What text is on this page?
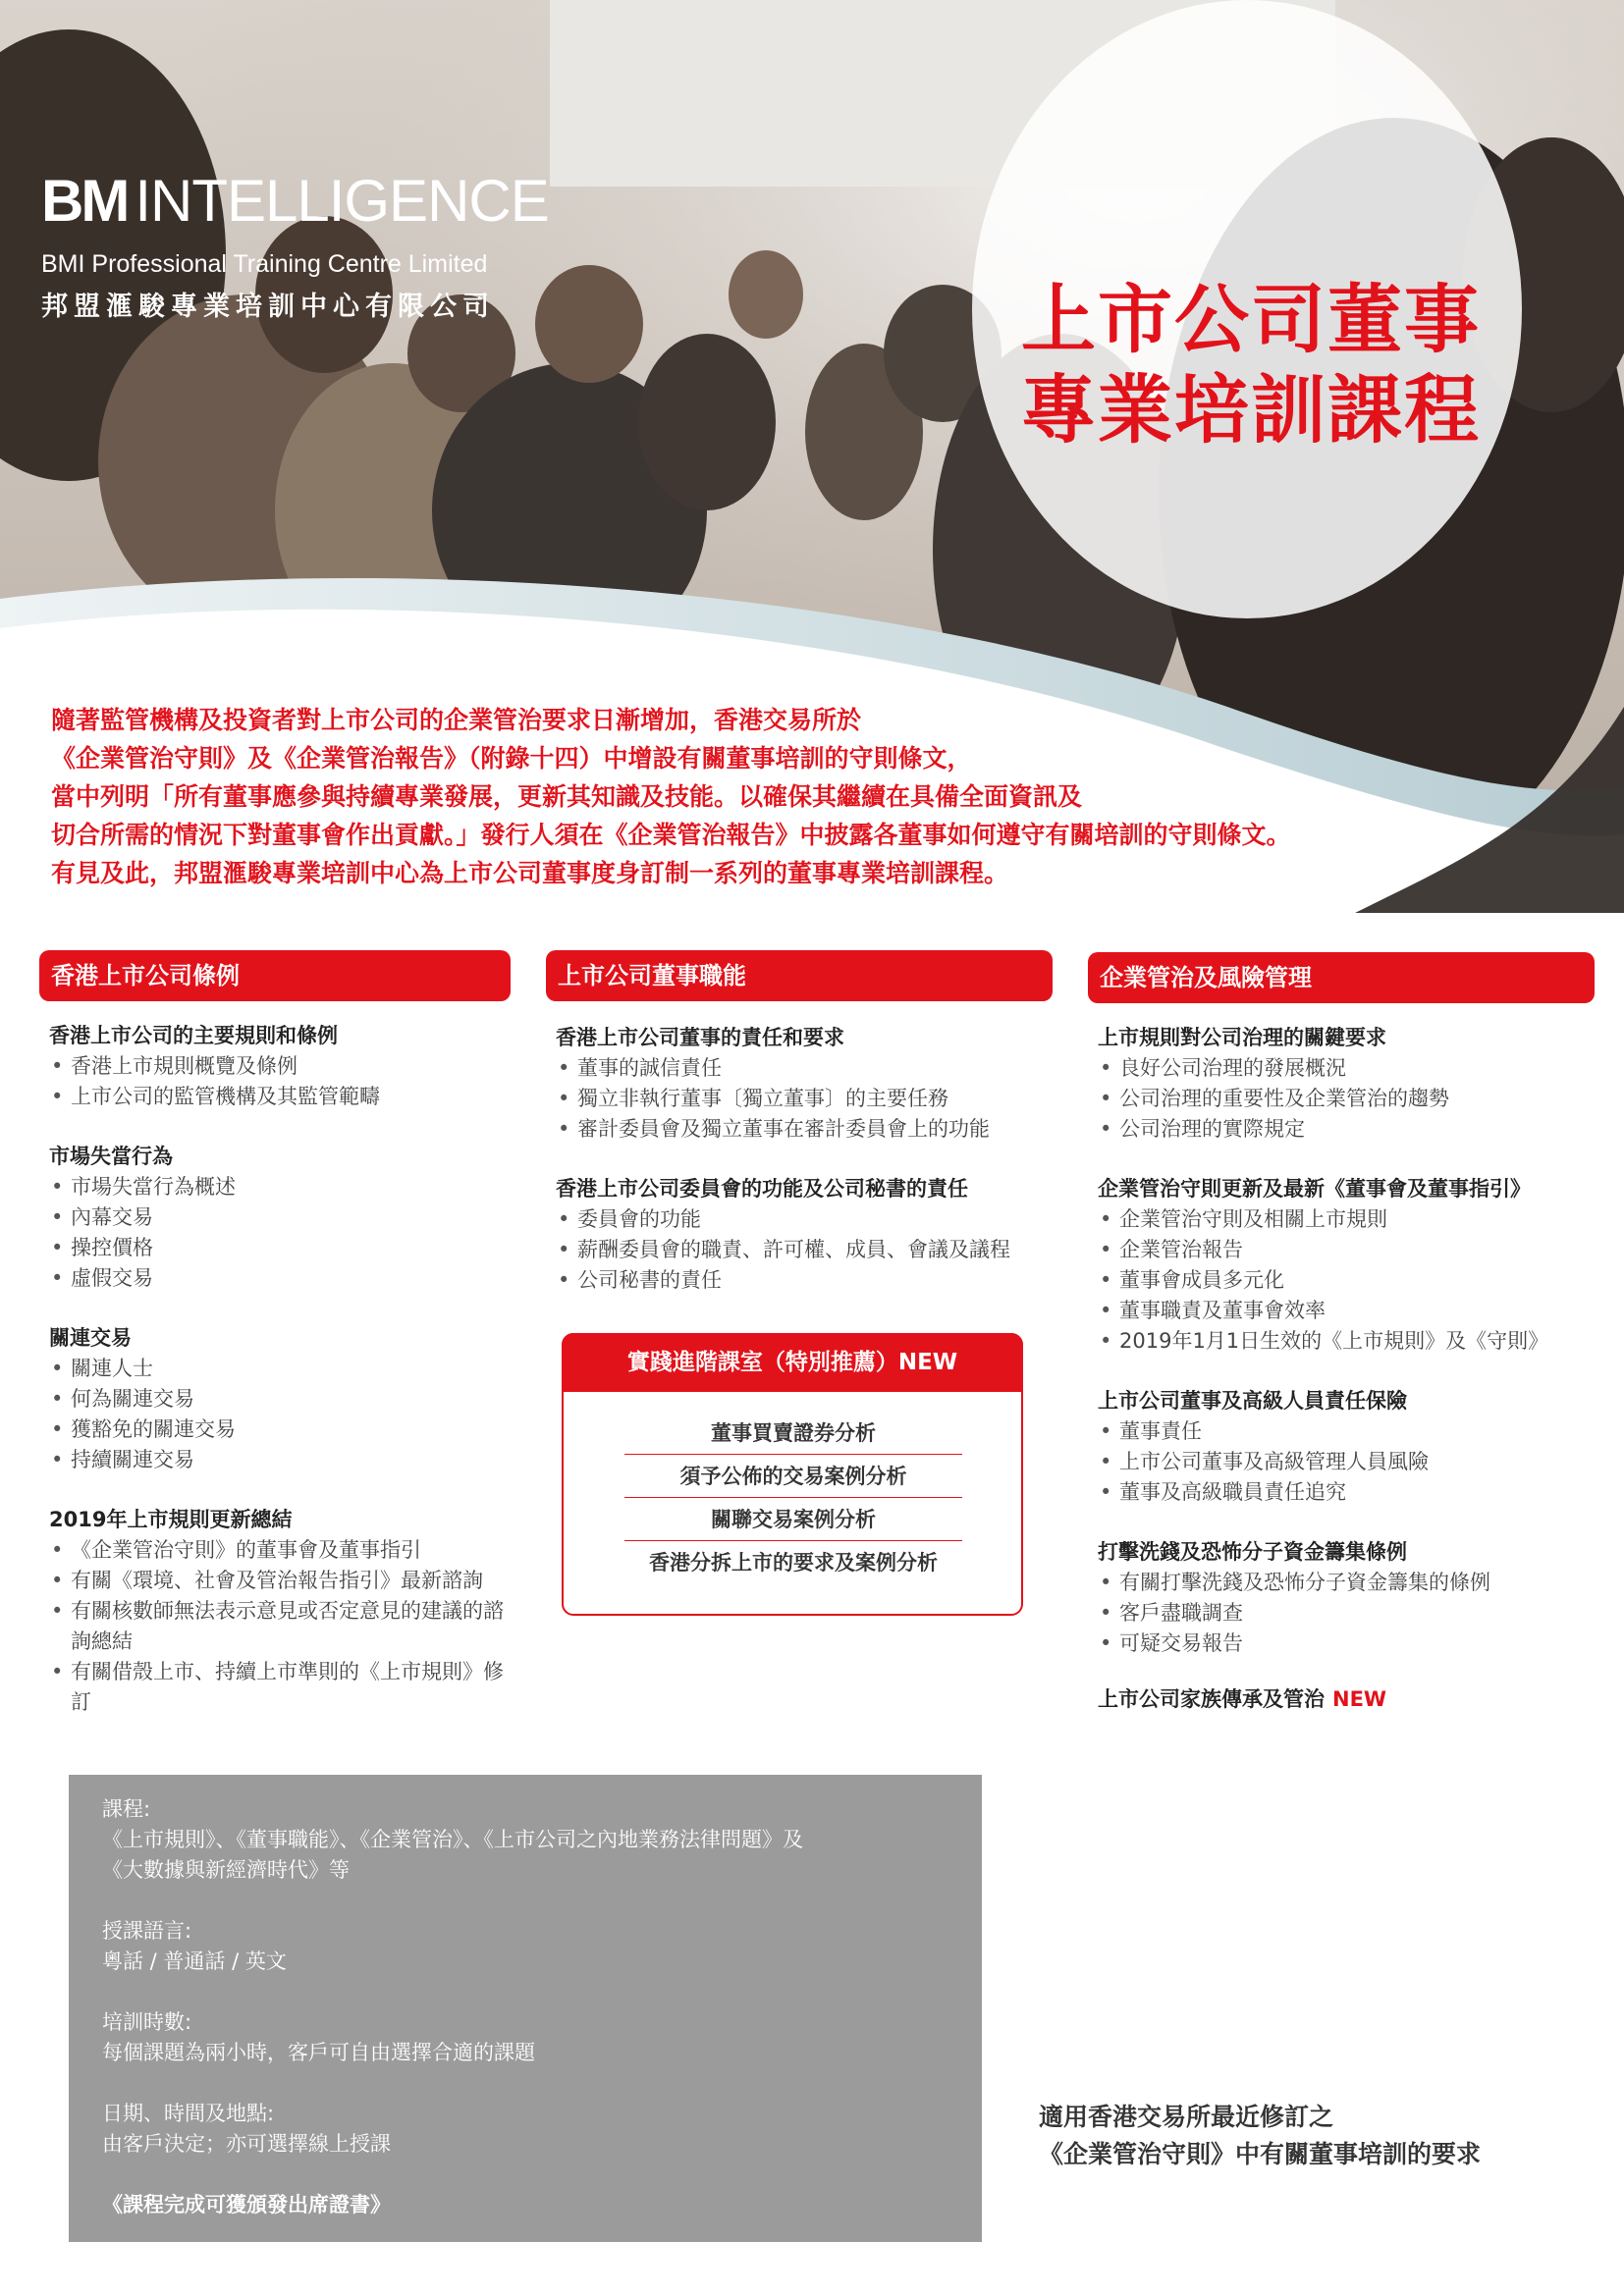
BM INTELLIGENCE
BMI Professional Training Centre Limited
邦盟滙駿專業培訓中心有限公司	上市公司董事
專業培訓課程

隨著監管機構及投資者對上市公司的企業管治要求日漸增加，香港交易所於

《企業管治守則》及《企業管治報告》（附錄十四）中增設有關董事培訓的守則條文，

當中列明「所有董事應參與持續專業發展，更新其知識及技能。以確保其繼續在具備全面資訊及

切合所需的情況下對董事會作出貢獻。」發行人須在《企業管治報告》中披露各董事如何遵守有關培訓的守則條文。

有見及此，邦盟滙駿專業培訓中心為上市公司董事度身訂制一系列的董事專業培訓課程。

香港上市公司條例
香港上市公司的主要規則和條例
• 香港上市規則概覽及條例
• 上市公司的監管機構及其監管範疇
市場失當行為
• 市場失當行為概述
• 內幕交易
• 操控價格
• 虛假交易
關連交易
• 關連人士
• 何為關連交易
• 獲豁免的關連交易
• 持續關連交易
2019年上市規則更新總結
• 《企業管治守則》的董事會及董事指引
• 有關《環境、社會及管治報告指引》最新諮詢
• 有關核數師無法表示意見或否定意見的建議的諮詢總結
• 有關借殼上市、持續上市準則的《上市規則》修訂
上市公司董事職能
香港上市公司董事的責任和要求
• 董事的誠信責任
• 獨立非執行董事〔獨立董事〕的主要任務
• 審計委員會及獨立董事在審計委員會上的功能
香港上市公司委員會的功能及公司秘書的責任
• 委員會的功能
• 薪酬委員會的職責、許可權、成員、會議及議程
• 公司秘書的責任
實踐進階課室（特別推薦）NEW
董事買賣證券分析
須予公佈的交易案例分析
關聯交易案例分析
香港分拆上市的要求及案例分析
企業管治及風險管理
上市規則對公司治理的關鍵要求
• 良好公司治理的發展概況
• 公司治理的重要性及企業管治的趨勢
• 公司治理的實際規定
企業管治守則更新及最新《董事會及董事指引》
• 企業管治守則及相關上市規則
• 企業管治報告
• 董事會成員多元化
• 董事職責及董事會效率
• 2019年1月1日生效的《上市規則》及《守則》
上市公司董事及高級人員責任保險
• 董事責任
• 上市公司董事及高級管理人員風險
• 董事及高級職員責任追究
打擊洗錢及恐怖分子資金籌集條例
• 有關打擊洗錢及恐怖分子資金籌集的條例
• 客戶盡職調查
• 可疑交易報告
上市公司家族傳承及管治 NEW
課程:
《上市規則》、《董事職能》、《企業管治》、《上市公司之內地業務法律問題》及
《大數據與新經濟時代》等
授課語言:
粵話 / 普通話 / 英文
培訓時數:
每個課題為兩小時，客戶可自由選擇合適的課題
日期、時間及地點:
由客戶決定；亦可選擇線上授課
《課程完成可獲頒發出席證書》
適用香港交易所最近修訂之
《企業管治守則》中有關董事培訓的要求
